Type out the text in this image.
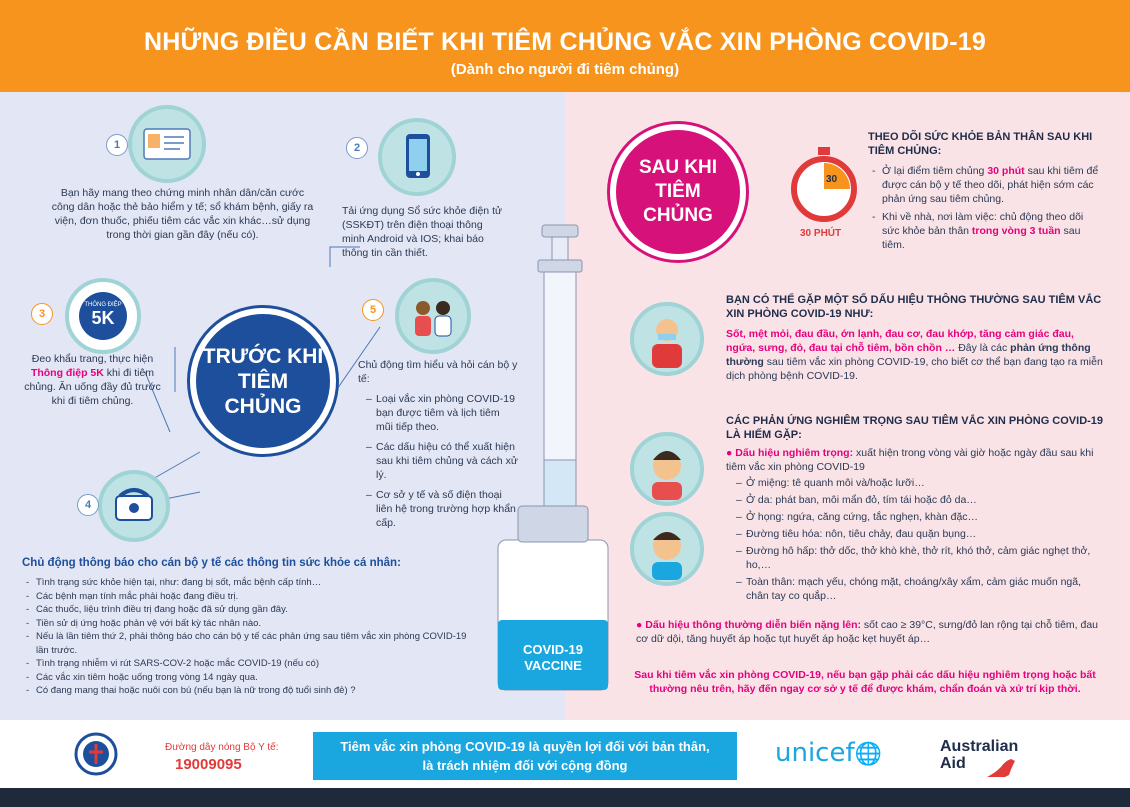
NHỮNG ĐIỀU CẦN BIẾT KHI TIÊM CHỦNG VẮC XIN PHÒNG COVID-19
(Dành cho người đi tiêm chủng)
1
Bạn hãy mang theo chứng minh nhân dân/căn cước công dân hoặc thẻ bảo hiểm y tế; sổ khám bệnh, giấy ra viện, đơn thuốc, phiếu tiêm các vắc xin khác…sử dụng trong thời gian gần đây (nếu có).
2
Tải ứng dụng Sổ sức khỏe điện tử (SSKĐT) trên điện thoại thông minh Android và IOS; khai báo thông tin cần thiết.
THÔNG ĐIỆP
5K
3
Đeo khẩu trang, thực hiện Thông điệp 5K khi đi tiêm chủng. Ăn uống đầy đủ trước khi đi tiêm chủng.
TRƯỚC KHI
TIÊM
CHỦNG
4
5
Chủ động tìm hiểu và hỏi cán bộ y tế:
– Loại vắc xin phòng COVID-19 bạn được tiêm và lịch tiêm mũi tiếp theo.
– Các dấu hiệu có thể xuất hiện sau khi tiêm chủng và cách xử lý.
– Cơ sở y tế và số điện thoại liên hệ trong trường hợp khẩn cấp.
Chủ động thông báo cho cán bộ y tế các thông tin sức khỏe cá nhân:
- Tình trạng sức khỏe hiện tại, như: đang bị sốt, mắc bệnh cấp tính…
- Các bệnh mạn tính mắc phải hoặc đang điều trị.
- Các thuốc, liệu trình điều trị đang hoặc đã sử dụng gần đây.
- Tiền sử dị ứng hoặc phản vệ với bất kỳ tác nhân nào.
- Nếu là lần tiêm thứ 2, phải thông báo cho cán bộ y tế các phản ứng sau tiêm vắc xin phòng COVID-19 lần trước.
- Tình trạng nhiễm vi rút SARS-COV-2 hoặc mắc COVID-19 (nếu có)
- Các vắc xin tiêm hoặc uống trong vòng 14 ngày qua.
- Có đang mang thai hoặc nuôi con bú (nếu bạn là nữ trong độ tuổi sinh đẻ) ?
COVID-19
VACCINE
SAU KHI
TIÊM
CHỦNG
30
30 PHÚT
THEO DÕI SỨC KHỎE BẢN THÂN SAU KHI TIÊM CHỦNG:
- Ở lại điểm tiêm chủng 30 phút sau khi tiêm để được cán bộ y tế theo dõi, phát hiện sớm các phản ứng sau tiêm chủng.
- Khi về nhà, nơi làm việc: chủ động theo dõi sức khỏe bản thân trong vòng 3 tuần sau tiêm.
BẠN CÓ THỂ GẶP MỘT SỐ DẤU HIỆU THÔNG THƯỜNG SAU TIÊM VẮC XIN PHÒNG COVID-19 NHƯ:
Sốt, mệt mỏi, đau đầu, ớn lạnh, đau cơ, đau khớp, tăng cảm giác đau, ngứa, sưng, đỏ, đau tại chỗ tiêm, bồn chồn … Đây là các phản ứng thông thường sau tiêm vắc xin phòng COVID-19, cho biết cơ thể bạn đang tạo ra miễn dịch phòng bệnh COVID-19.
CÁC PHẢN ỨNG NGHIÊM TRỌNG SAU TIÊM VẮC XIN PHÒNG COVID-19 LÀ HIẾM GẶP:
● Dấu hiệu nghiêm trọng: xuất hiện trong vòng vài giờ hoặc ngày đầu sau khi tiêm vắc xin phòng COVID-19
– Ở miệng: tê quanh môi và/hoặc lưỡi…
– Ở da: phát ban, môi mẩn đỏ, tím tái hoặc đỏ da…
– Ở họng: ngứa, căng cứng, tắc nghẹn, khàn đặc…
– Đường tiêu hóa: nôn, tiêu chảy, đau quặn bụng…
– Đường hô hấp: thở dốc, thở khò khè, thở rít, khó thở, cảm giác nghẹt thở, ho,…
– Toàn thân: mạch yếu, chóng mặt, choáng/xây xẩm, cảm giác muốn ngã, chân tay co quắp…
● Dấu hiệu thông thường diễn biến nặng lên: sốt cao ≥ 39°C, sưng/đỏ lan rộng tại chỗ tiêm, đau cơ dữ dội, tăng huyết áp hoặc tụt huyết áp hoặc kẹt huyết áp…
Sau khi tiêm vắc xin phòng COVID-19, nếu bạn gặp phải các dấu hiệu nghiêm trọng hoặc bất thường nêu trên, hãy đến ngay cơ sở y tế để được khám, chẩn đoán và xử trí kịp thời.
Đường dây nóng Bộ Y tế:
19009095
Tiêm vắc xin phòng COVID-19 là quyền lợi đối với bản thân,
là trách nhiệm đối với cộng đồng	unicef🌐	Australian
Aid
